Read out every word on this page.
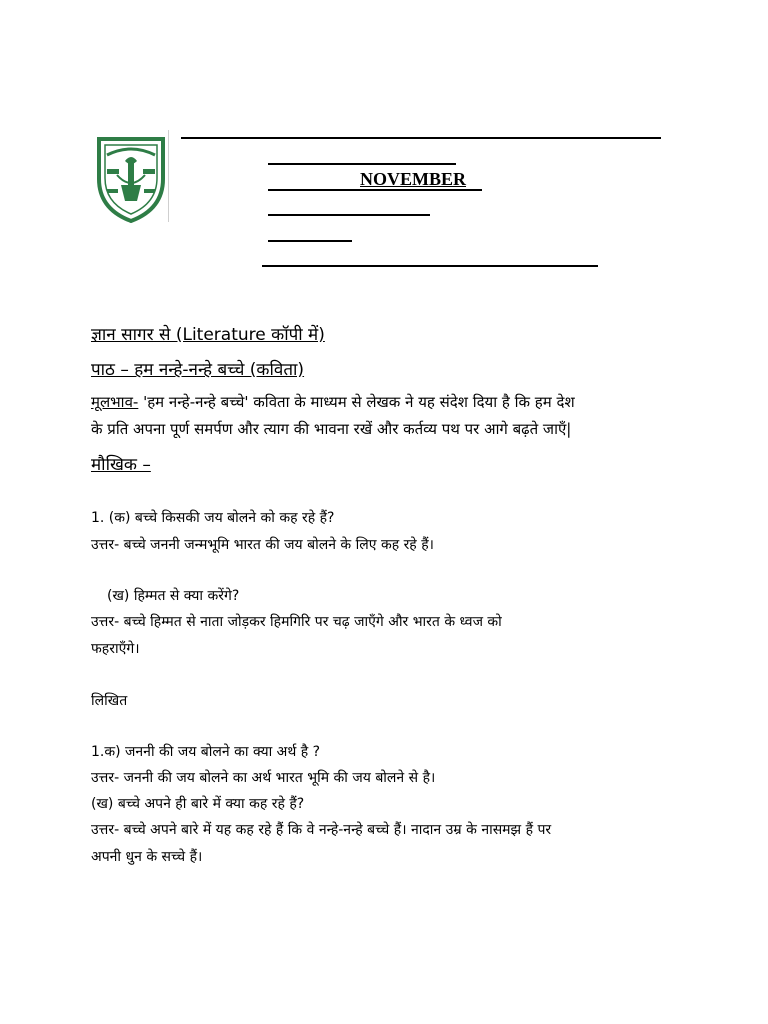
NOVEMBER
ज्ञान सागर से (Literature कॉपी में)
पाठ – हम नन्हे-नन्हे बच्चे (कविता)
मूलभाव- 'हम नन्हे-नन्हे बच्चे' कविता के माध्यम से लेखक ने यह संदेश दिया है कि हम देश
के प्रति अपना पूर्ण समर्पण और त्याग की भावना रखें और कर्तव्य पथ पर आगे बढ़ते जाएँ|
मौखिक –
1. (क) बच्चे किसकी जय बोलने को कह रहे हैं?
उत्तर- बच्चे जननी जन्मभूमि भारत की जय बोलने के लिए कह रहे हैं।
(ख) हिम्मत से क्या करेंगे?
उत्तर- बच्चे हिम्मत से नाता जोड़कर हिमगिरि पर चढ़ जाएँगे और भारत के ध्वज को
फहराएँगे।
लिखित
1.क) जननी की जय बोलने का क्या अर्थ है ?
उत्तर- जननी की जय बोलने का अर्थ भारत भूमि की जय बोलने से है।
(ख) बच्चे अपने ही बारे में क्या कह रहे हैं?
उत्तर- बच्चे अपने बारे में यह कह रहे हैं कि वे नन्हे-नन्हे बच्चे हैं। नादान उम्र के नासमझ हैं पर
अपनी धुन के सच्चे हैं।
